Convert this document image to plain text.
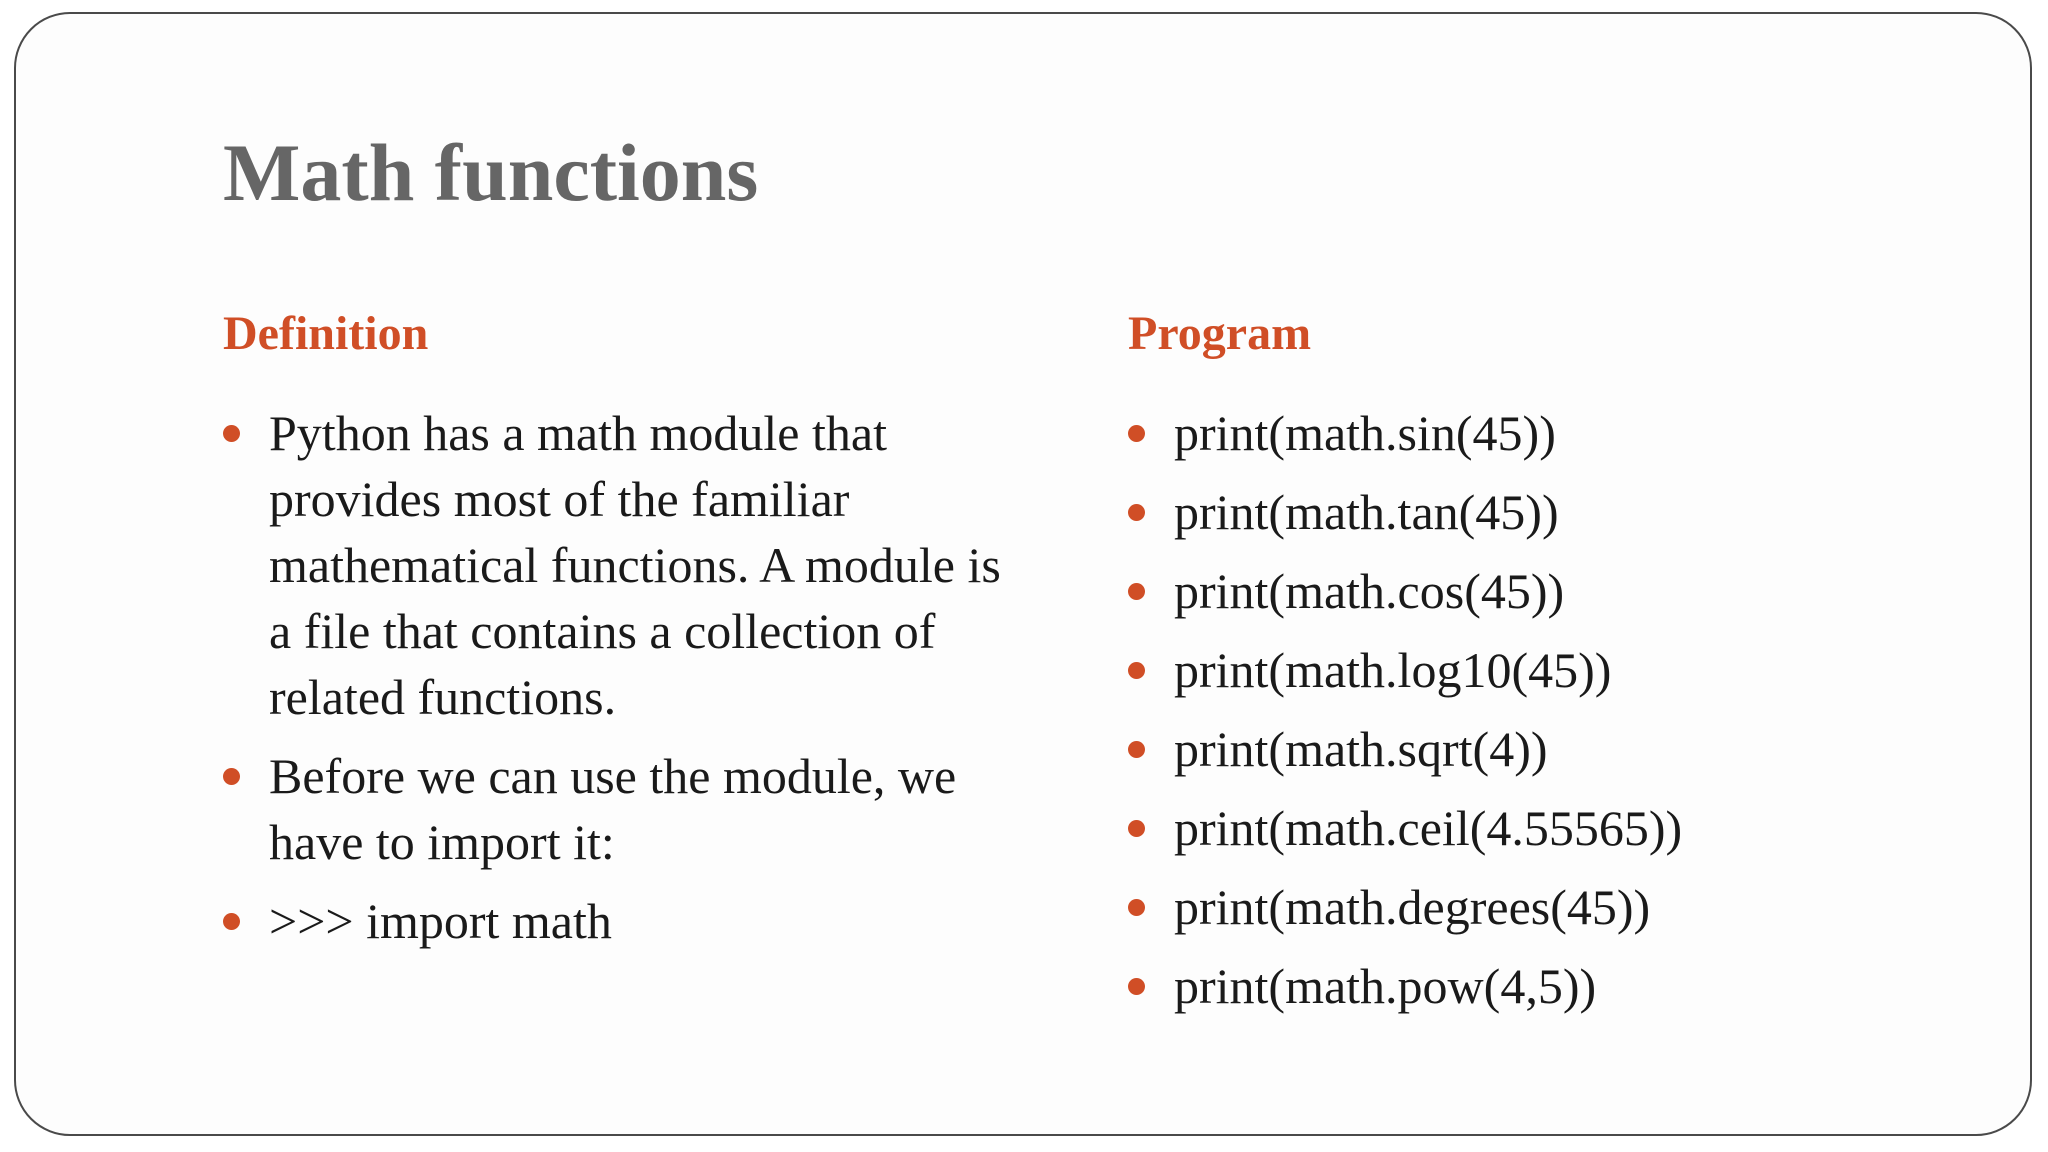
Math functions
Definition
Python has a math module that provides most of the familiar mathematical functions. A module is a file that contains a collection of related functions.
Before we can use the module, we have to import it:
>>> import math
Program
print(math.sin(45))
print(math.tan(45))
print(math.cos(45))
print(math.log10(45))
print(math.sqrt(4))
print(math.ceil(4.55565))
print(math.degrees(45))
print(math.pow(4,5))
